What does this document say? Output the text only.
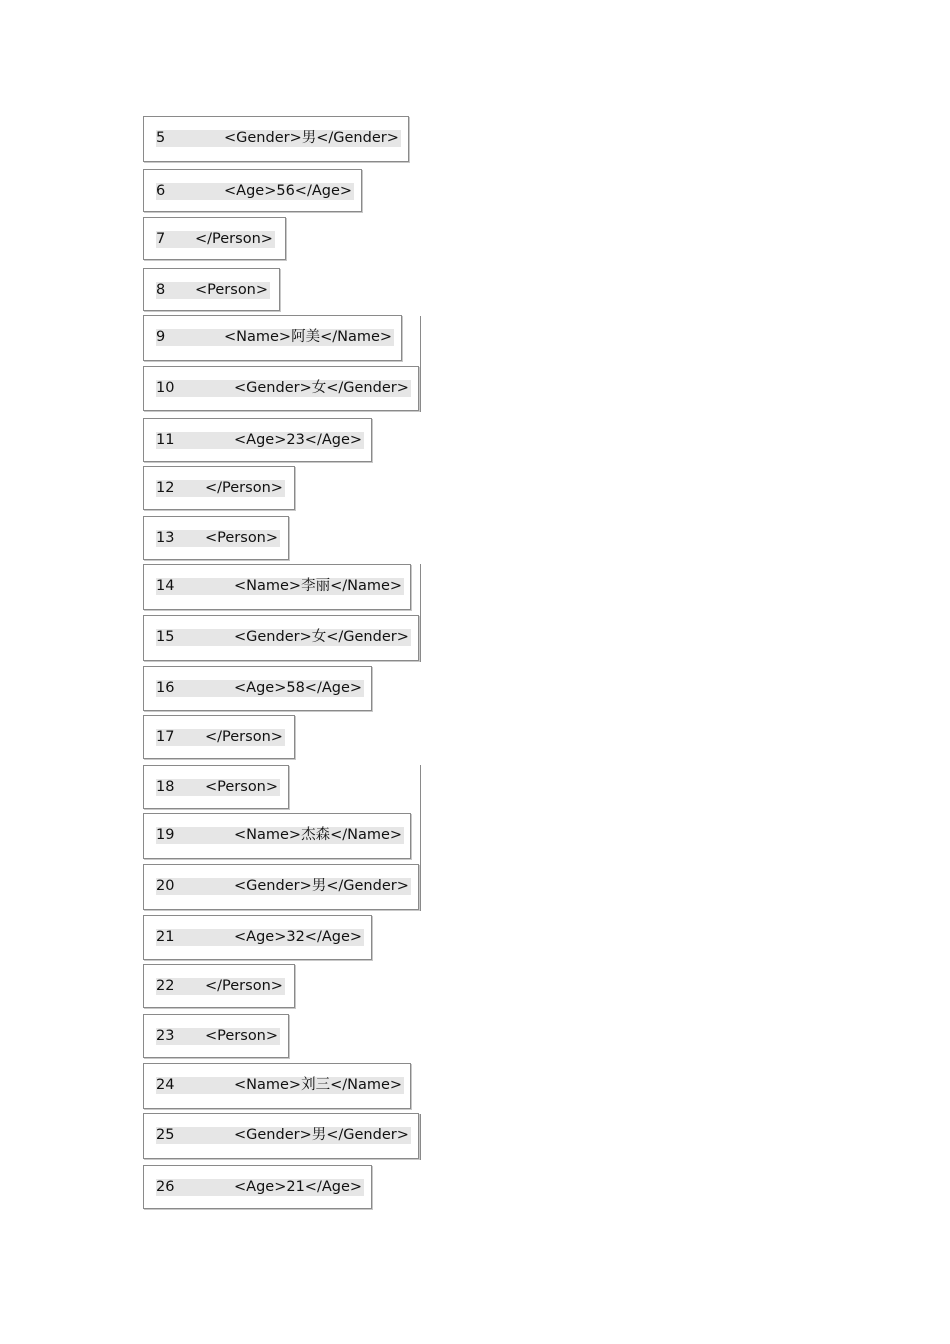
5	<Gender>男</Gender>
6	<Age>56</Age>
7 </Person>
8 <Person>
9	<Name>阿美</Name>
10	<Gender>女</Gender>
11	<Age>23</Age>
12 </Person>
13 <Person>
14	<Name>李丽</Name>
15	<Gender>女</Gender>
16	<Age>58</Age>
17 </Person>
18 <Person>
19	<Name>杰森</Name>
20	<Gender>男</Gender>
21	<Age>32</Age>
22 </Person>
23 <Person>
24	<Name>刘三</Name>
25	<Gender>男</Gender>
26	<Age>21</Age>
